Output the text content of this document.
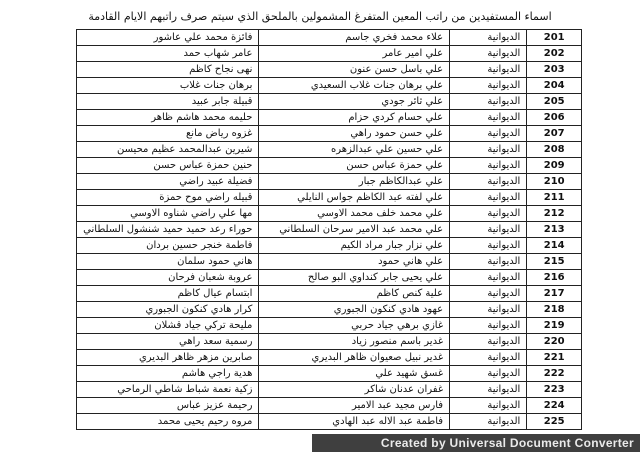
اسماء المستفيدين من راتب المعين المتفرغ المشمولين بالملحق الذي سيتم صرف راتبهم الايام القادمة
فائزة محمد علي عاشور	علاء محمد فخري جاسم	الديوانية	201
عامر شهاب حمد	علي امير عامر	الديوانية	202
نهى نجاح كاظم	علي باسل حسن عنون	الديوانية	203
برهان جنات غلاب	علي برهان جنات غلاب السعيدي	الديوانية	204
قبيلة جابر عبيد	علي ثائر جودي	الديوانية	205
حليمه محمد هاشم ظاهر	علي حسام كردي حزام	الديوانية	206
غزوه رياض مانع	علي حسن حمود راهي	الديوانية	207
شيرين عبدالمحمد عظيم محيسن	علي حسين علي عبدالزهره	الديوانية	208
حنين حمزة عباس حسن	علي حمزة عباس حسن	الديوانية	209
فضيلة عبيد راضي	علي عبدالكاظم جبار	الديوانية	210
قبيله راضي موح حمزة	علي لفته عبد الكاظم جواس النايلي	الديوانية	211
مها علي راضي شناوه الاوسي	علي محمد خلف محمد الاوسي	الديوانية	212
حوراء رعد حميد حميد شنشول السلطاني	علي محمد عبد الامير سرحان السلطاني	الديوانية	213
فاطمة خنجر حسين بردان	علي نزار جبار مراد الكيم	الديوانية	214
هاني حمود سلمان	علي هاني حمود	الديوانية	215
عروبة شعبان فرحان	علي يحيى جابر كنداوي البو صالح	الديوانية	216
ابتسام عيال كاظم	علية كنص كاظم	الديوانية	217
كرار هادي كنكون الجبوري	عهود هادي كنكون الجبوري	الديوانية	218
مليحة تركي جياد قشلان	غازي برهي جياد حربي	الديوانية	219
رسمية سعد راهي	غدير باسم منصور زياد	الديوانية	220
صابرين مزهر ظاهر البديري	غدير نبيل صعيوان ظاهر البديري	الديوانية	221
هدية راجي هاشم	غسق شهيد علي	الديوانية	222
زكية نعمة شباط شاطي الرماحي	غفران عدنان شاكر	الديوانية	223
رحيمة عزيز عباس	فارس مجيد عبد الامير	الديوانية	224
مروه رحيم يحيى محمد	فاطمة عبد الاله عبد الهادي	الديوانية	225
Created by Universal Document Converter
